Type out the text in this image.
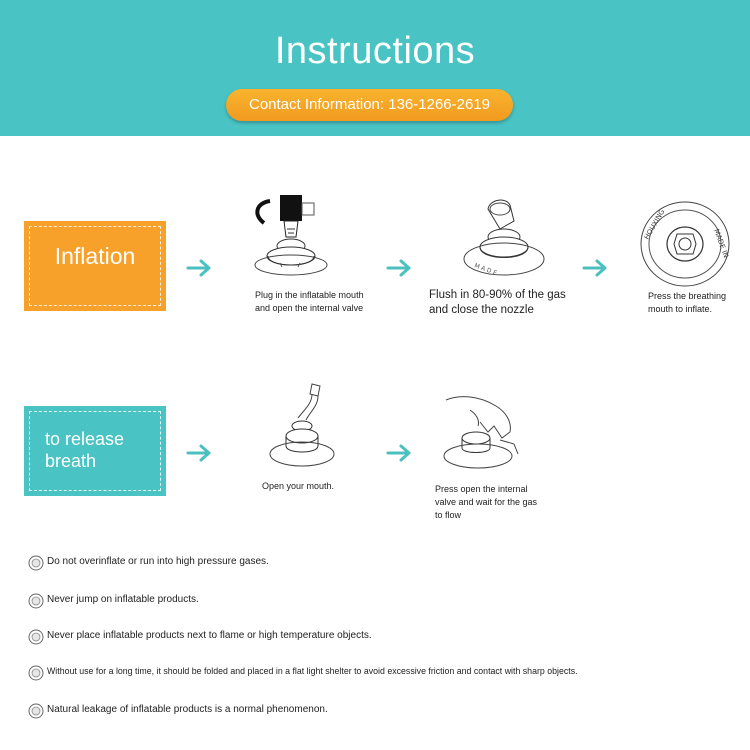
Instructions
Contact Information: 136-1266-2619
Inflation
Plug in the inflatable mouth and open the internal valve
M A D E
Flush in 80-90% of the gas and close the nozzle
HOUXING
MADE IN
Press the breathing mouth to inflate.
to release
breath
Open your mouth.	Press open the internal valve and wait for the gas to flow
Do not overinflate or run into high pressure gases.
Never jump on inflatable products.
Never place inflatable products next to flame or high temperature objects.
Without use for a long time, it should be folded and placed in a flat light shelter to avoid excessive friction and contact with sharp objects.
Natural leakage of inflatable products is a normal phenomenon.
